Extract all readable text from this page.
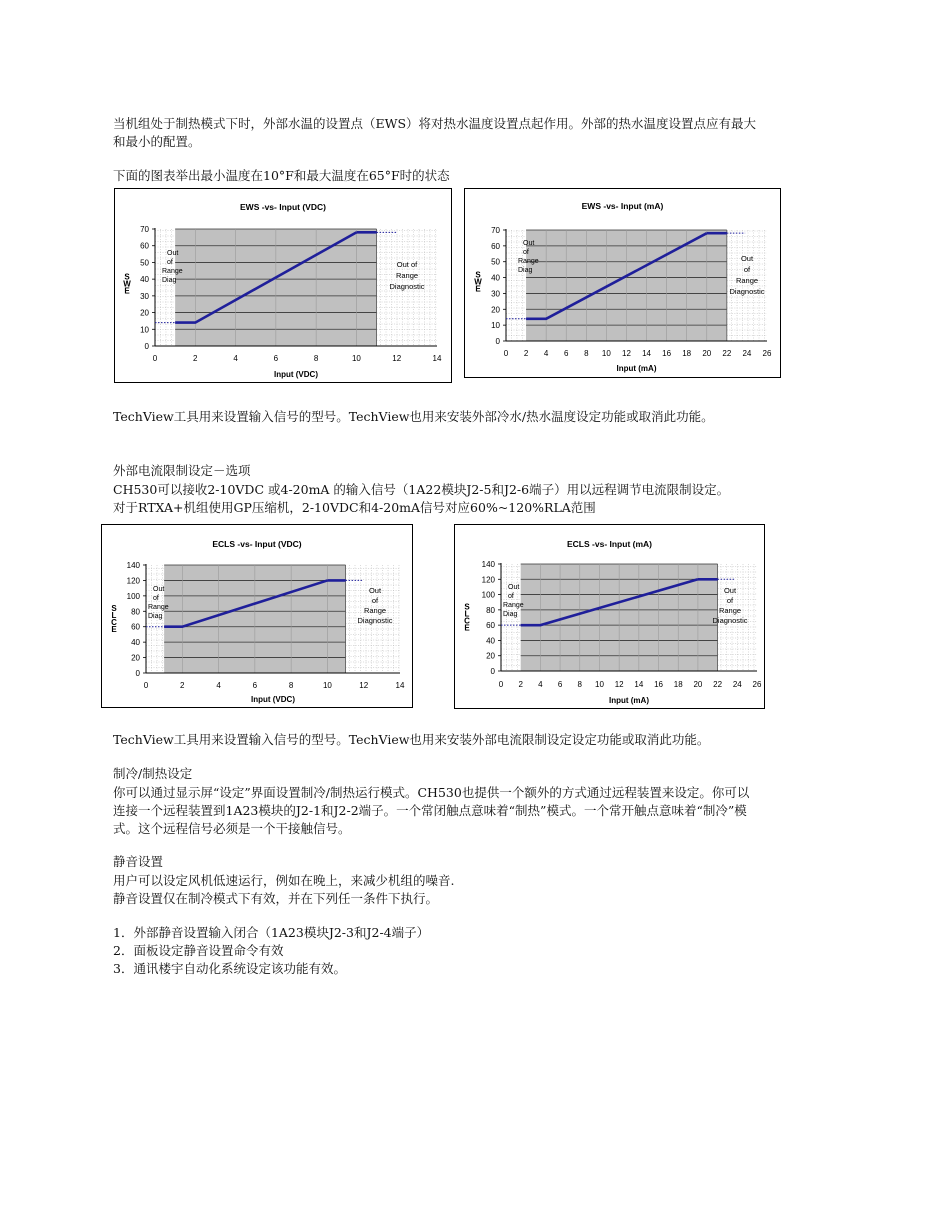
当机组处于制热模式下时，外部水温的设置点（EWS）将对热水温度设置点起作用。外部的热水温度设置点应有最大

和最小的配置。

下面的图表举出最小温度在10°F和最大温度在65°F时的状态

0
10
20
30
40
50
60
70
0	2	4	6	8	10	12	14
EWS -vs- Input (VDC)
Input (VDC)
S W E
Out of Range Diag
Out of Range Diagnostic
0
10
20
30
40
50
60
70
0 2 4 6 8 10 12 14 16 18 20 22 24 26
EWS -vs- Input (mA)
Input (mA)
S W E
Out of Range Diag
Out of Range Diagnostic

TechView工具用来设置输入信号的型号。TechView也用来安装外部冷水/热水温度设定功能或取消此功能。

外部电流限制设定－选项

CH530可以接收2-10VDC 或4-20mA 的输入信号（1A22模块J2-5和J2-6端子）用以远程调节电流限制设定。

对于RTXA+机组使用GP压缩机，2-10VDC和4-20mA信号对应60%~120%RLA范围

0
20
40
60
80
100
120
140
0	2	4	6	8	10	12	14
ECLS -vs- Input (VDC)
Input (VDC)
S L C E
Out of Range Diag
Out of Range Diagnostic
0
20
40
60
80
100
120
140
0 2 4 6 8 10 12 14 16 18 20 22 24 26
ECLS -vs- Input (mA)
Input (mA)
S L C E
Out of Range Diag
Out of Range Diagnostic

TechView工具用来设置输入信号的型号。TechView也用来安装外部电流限制设定设定功能或取消此功能。

制冷/制热设定

你可以通过显示屏“设定”界面设置制冷/制热运行模式。CH530也提供一个额外的方式通过远程装置来设定。你可以

连接一个远程装置到1A23模块的J2-1和J2-2端子。一个常闭触点意味着“制热”模式。一个常开触点意味着“制冷”模

式。这个远程信号必须是一个干接触信号。

静音设置

用户可以设定风机低速运行，例如在晚上，来减少机组的噪音.

静音设置仅在制冷模式下有效，并在下列任一条件下执行。

1．外部静音设置输入闭合（1A23模块J2-3和J2-4端子）

2．面板设定静音设置命令有效

3．通讯楼宇自动化系统设定该功能有效。
